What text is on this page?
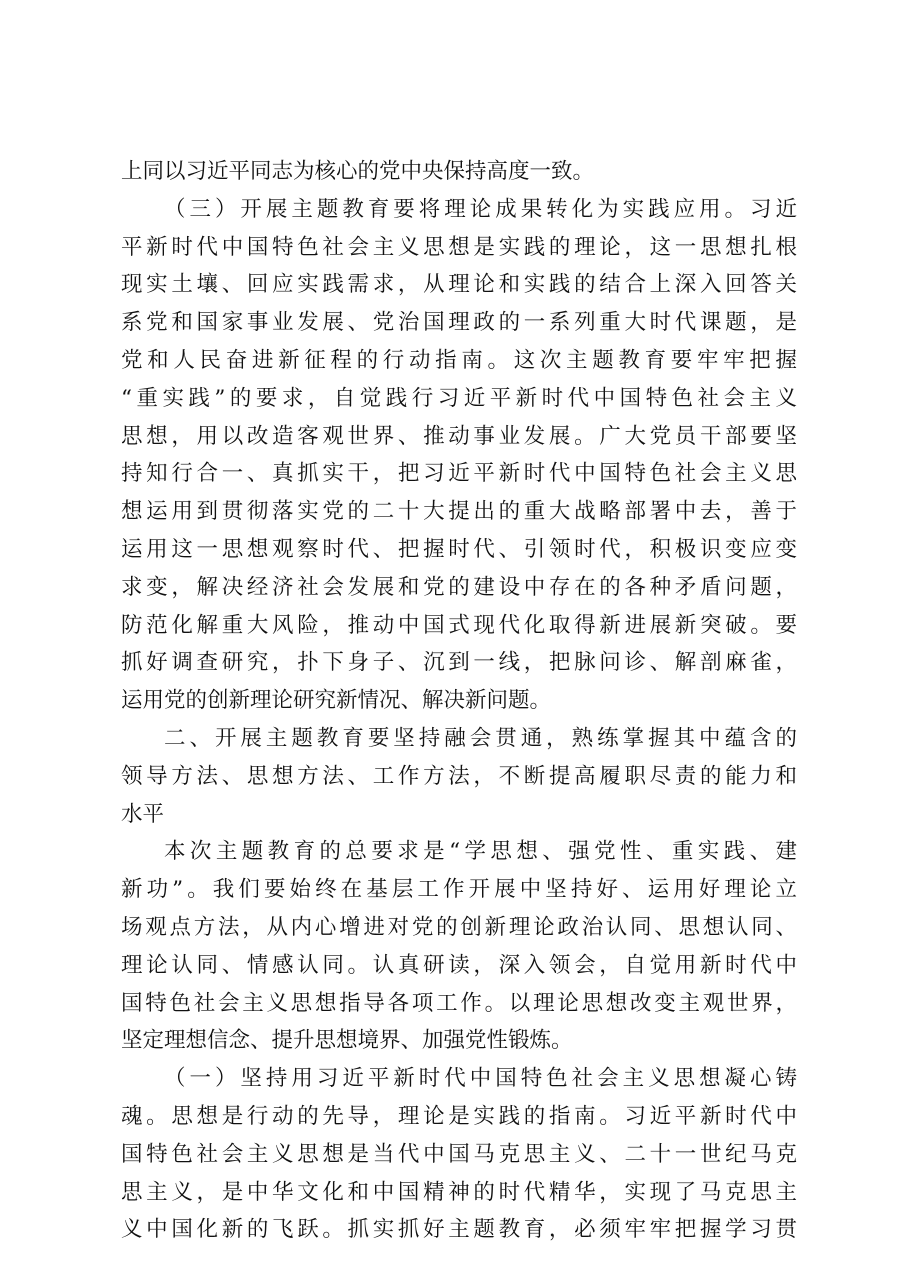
上同以习近平同志为核心的党中央保持高度一致。
（三）开展主题教育要将理论成果转化为实践应用。习近
平新时代中国特色社会主义思想是实践的理论，这一思想扎根
现实土壤、回应实践需求，从理论和实践的结合上深入回答关
系党和国家事业发展、党治国理政的一系列重大时代课题，是
党和人民奋进新征程的行动指南。这次主题教育要牢牢把握
“重实践”的要求，自觉践行习近平新时代中国特色社会主义
思想，用以改造客观世界、推动事业发展。广大党员干部要坚
持知行合一、真抓实干，把习近平新时代中国特色社会主义思
想运用到贯彻落实党的二十大提出的重大战略部署中去，善于
运用这一思想观察时代、把握时代、引领时代，积极识变应变
求变，解决经济社会发展和党的建设中存在的各种矛盾问题，
防范化解重大风险，推动中国式现代化取得新进展新突破。要
抓好调查研究，扑下身子、沉到一线，把脉问诊、解剖麻雀，
运用党的创新理论研究新情况、解决新问题。
二、开展主题教育要坚持融会贯通，熟练掌握其中蕴含的
领导方法、思想方法、工作方法，不断提高履职尽责的能力和
水平
本次主题教育的总要求是“学思想、强党性、重实践、建
新功”。我们要始终在基层工作开展中坚持好、运用好理论立
场观点方法，从内心增进对党的创新理论政治认同、思想认同、
理论认同、情感认同。认真研读，深入领会，自觉用新时代中
国特色社会主义思想指导各项工作。以理论思想改变主观世界，
坚定理想信念、提升思想境界、加强党性锻炼。
（一）坚持用习近平新时代中国特色社会主义思想凝心铸
魂。思想是行动的先导，理论是实践的指南。习近平新时代中
国特色社会主义思想是当代中国马克思主义、二十一世纪马克
思主义，是中华文化和中国精神的时代精华，实现了马克思主
义中国化新的飞跃。抓实抓好主题教育，必须牢牢把握学习贯
